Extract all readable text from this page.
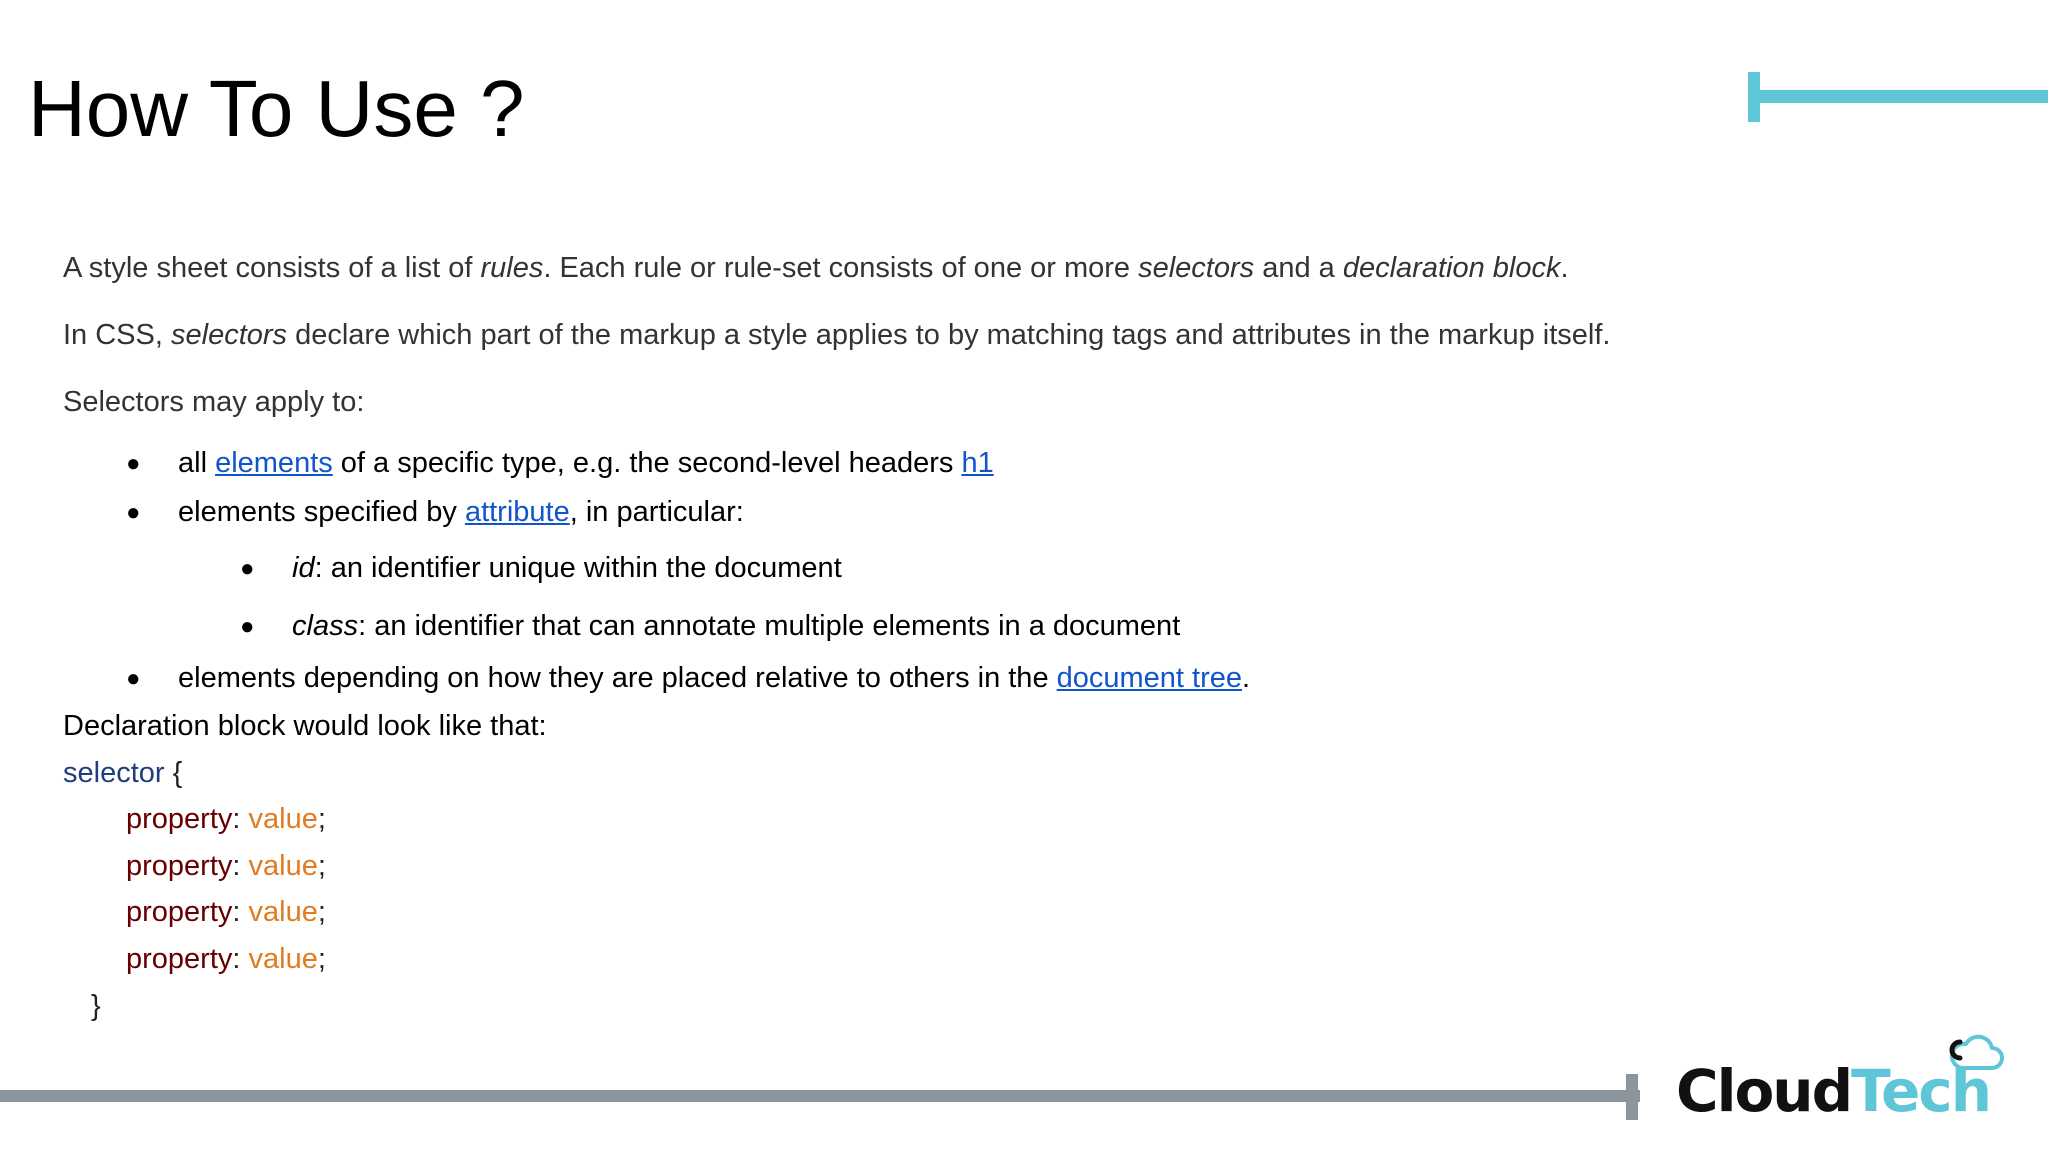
How To Use ?
A style sheet consists of a list of rules. Each rule or rule-set consists of one or more selectors and a declaration block.
In CSS, selectors declare which part of the markup a style applies to by matching tags and attributes in the markup itself.
Selectors may apply to:
● all elements of a specific type, e.g. the second-level headers h1
● elements specified by attribute, in particular:
● id: an identifier unique within the document
● class: an identifier that can annotate multiple elements in a document
● elements depending on how they are placed relative to others in the document tree.
Declaration block would look like that:
selector {
property: value;
property: value;
property: value;
property: value;
}
CloudTech
